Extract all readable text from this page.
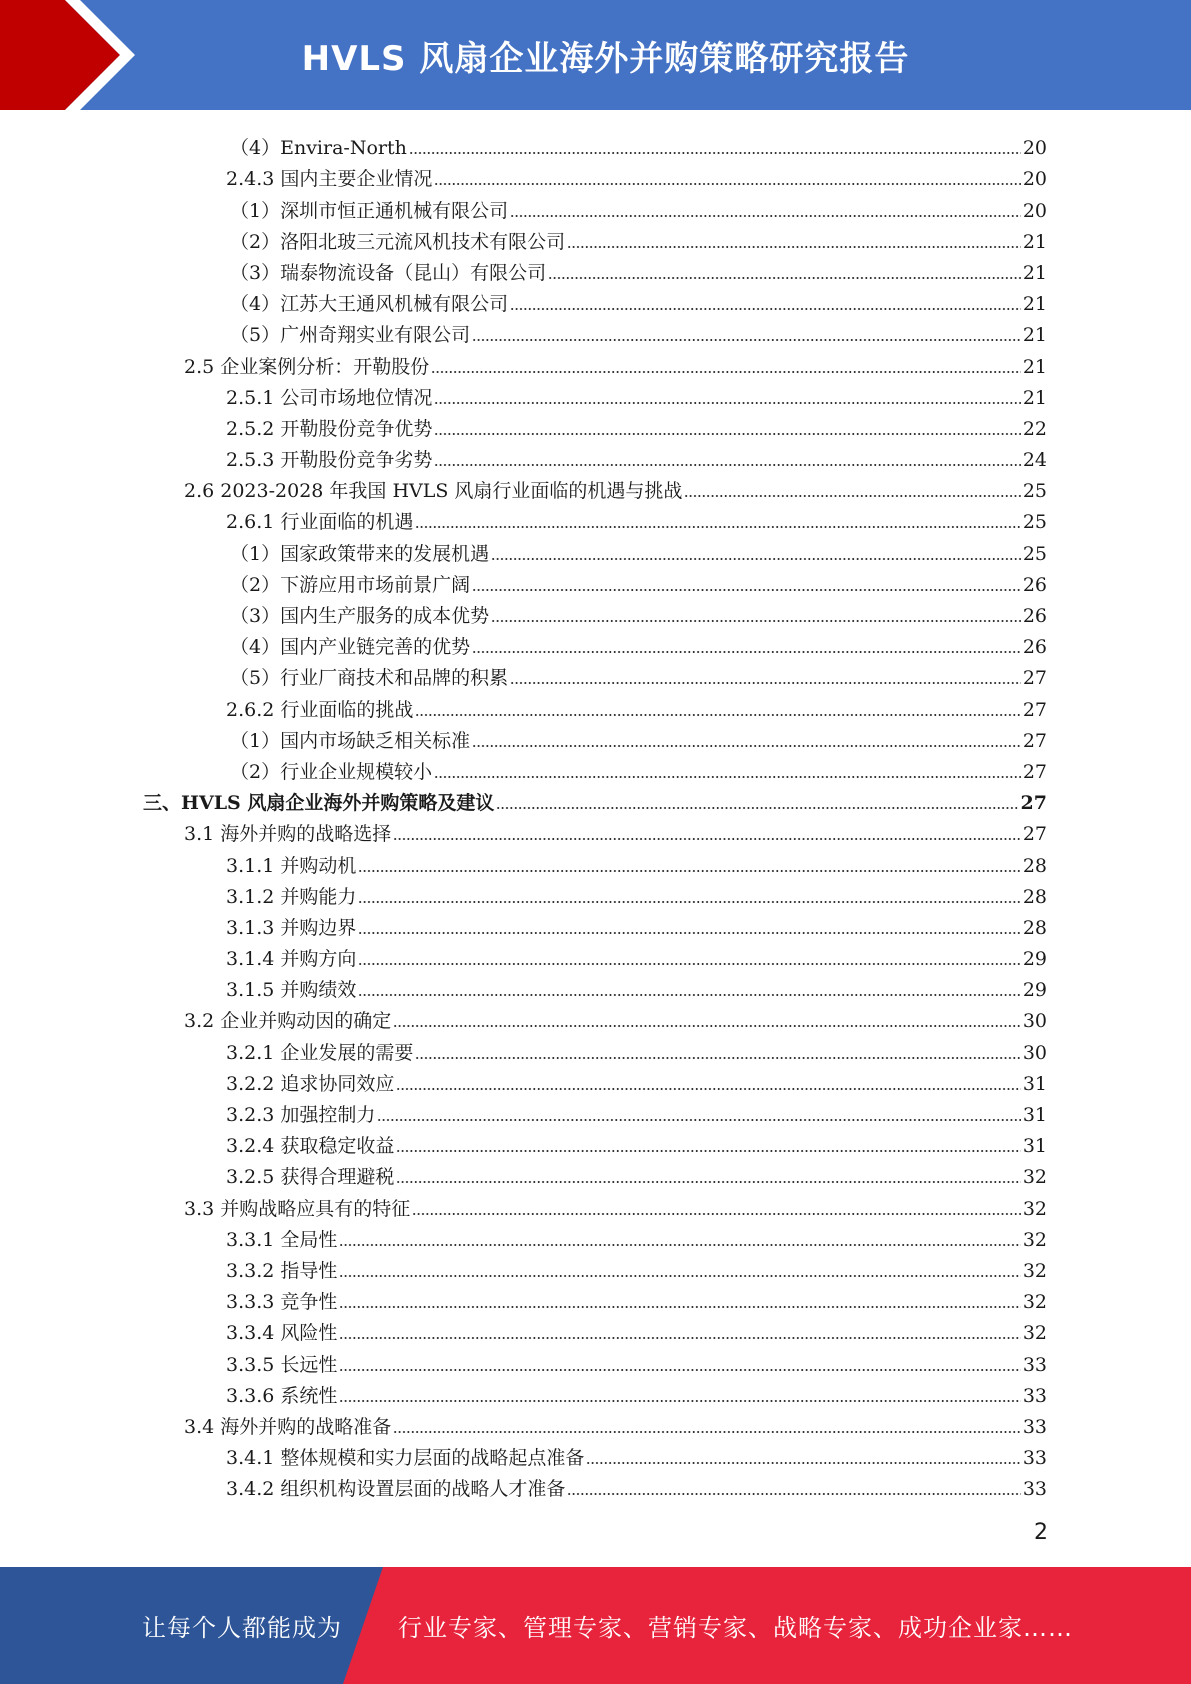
HVLS 风扇企业海外并购策略研究报告
（4）Envira-North	20
2.4.3 国内主要企业情况	20
（1）深圳市恒正通机械有限公司	20
（2）洛阳北玻三元流风机技术有限公司	21
（3）瑞泰物流设备（昆山）有限公司	21
（4）江苏大王通风机械有限公司	21
（5）广州奇翔实业有限公司	21
2.5 企业案例分析：开勒股份	21
2.5.1 公司市场地位情况	21
2.5.2 开勒股份竞争优势	22
2.5.3 开勒股份竞争劣势	24
2.6 2023-2028 年我国 HVLS 风扇行业面临的机遇与挑战	25
2.6.1 行业面临的机遇	25
（1）国家政策带来的发展机遇	25
（2）下游应用市场前景广阔	26
（3）国内生产服务的成本优势	26
（4）国内产业链完善的优势	26
（5）行业厂商技术和品牌的积累	27
2.6.2 行业面临的挑战	27
（1）国内市场缺乏相关标准	27
（2）行业企业规模较小	27
三、HVLS 风扇企业海外并购策略及建议	27
3.1 海外并购的战略选择	27
3.1.1 并购动机	28
3.1.2 并购能力	28
3.1.3 并购边界	28
3.1.4 并购方向	29
3.1.5 并购绩效	29
3.2 企业并购动因的确定	30
3.2.1 企业发展的需要	30
3.2.2 追求协同效应	31
3.2.3 加强控制力	31
3.2.4 获取稳定收益	31
3.2.5 获得合理避税	32
3.3 并购战略应具有的特征	32
3.3.1 全局性	32
3.3.2 指导性	32
3.3.3 竞争性	32
3.3.4 风险性	32
3.3.5 长远性	33
3.3.6 系统性	33
3.4 海外并购的战略准备	33
3.4.1 整体规模和实力层面的战略起点准备	33
3.4.2 组织机构设置层面的战略人才准备	33
2
让每个人都能成为 行业专家、管理专家、营销专家、战略专家、成功企业家……
